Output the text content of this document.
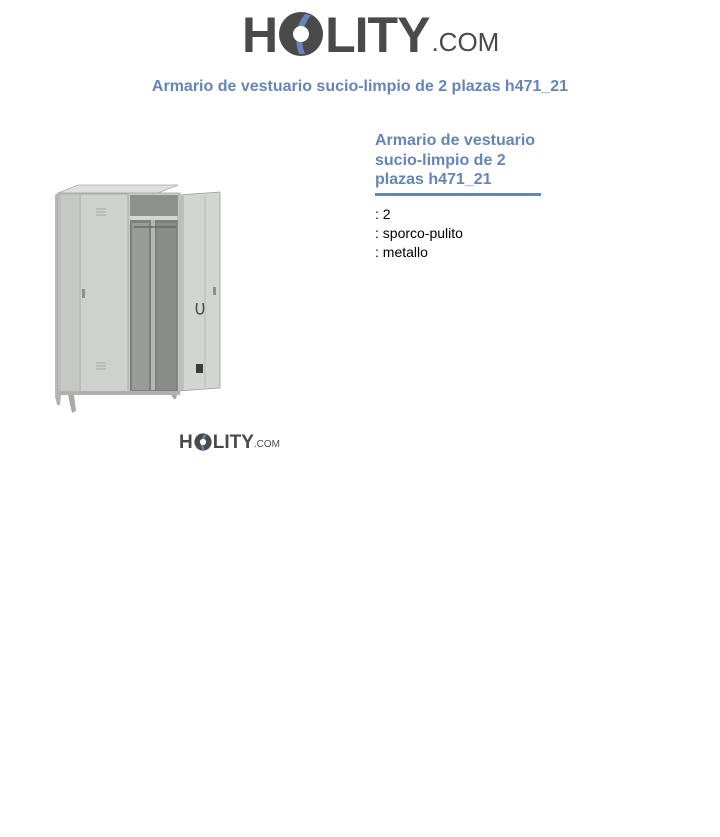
H LITY .COM
Armario de vestuario sucio-limpio de 2 plazas h471_21
H LITY .COM
Armario de vestuario sucio-limpio de 2 plazas h471_21
: 2
: sporco-pulito
: metallo
